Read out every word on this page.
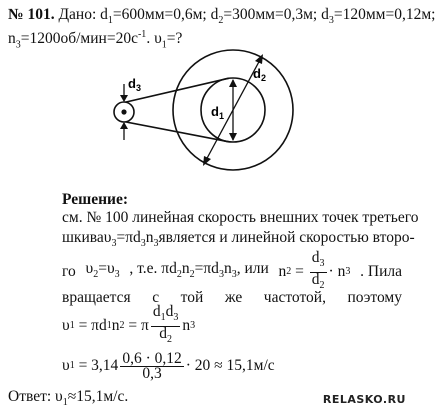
№ 101. Дано: $d_1=600мм=0,6м$; $d_2=300мм=0,3м$; $d_3=120мм=0,12м$;
$n_3=1200об/мин=20с^{-1}$. $\upsilon_1=$?
$d_3$
$d_1$
$d_2$
Решение:
см. № 100 линейная скорость внешних точек третьего
шкива $\upsilon_3=\pi d_3n_3$ является и линейной скоростью второ-
го $\upsilon_2=\upsilon_3$ , т.е. $\pi d_2n_2=\pi d_3n_3$, или n 2
=
$\frac{d_3}{d_2} \cdot n$ 3 . Пила
вращается с той же частотой, поэтому
υ 1
= πd 1 n 2
= π $\frac{d_1d_3}{d_2}$ n 3
υ 1
= $3,14 \frac{0,6 \cdot 0,12}{0,3} \cdot 20 \approx 15,1м/с$
Ответ: $\upsilon_1\approx 15,1м/с$.	RELASKO.RU
